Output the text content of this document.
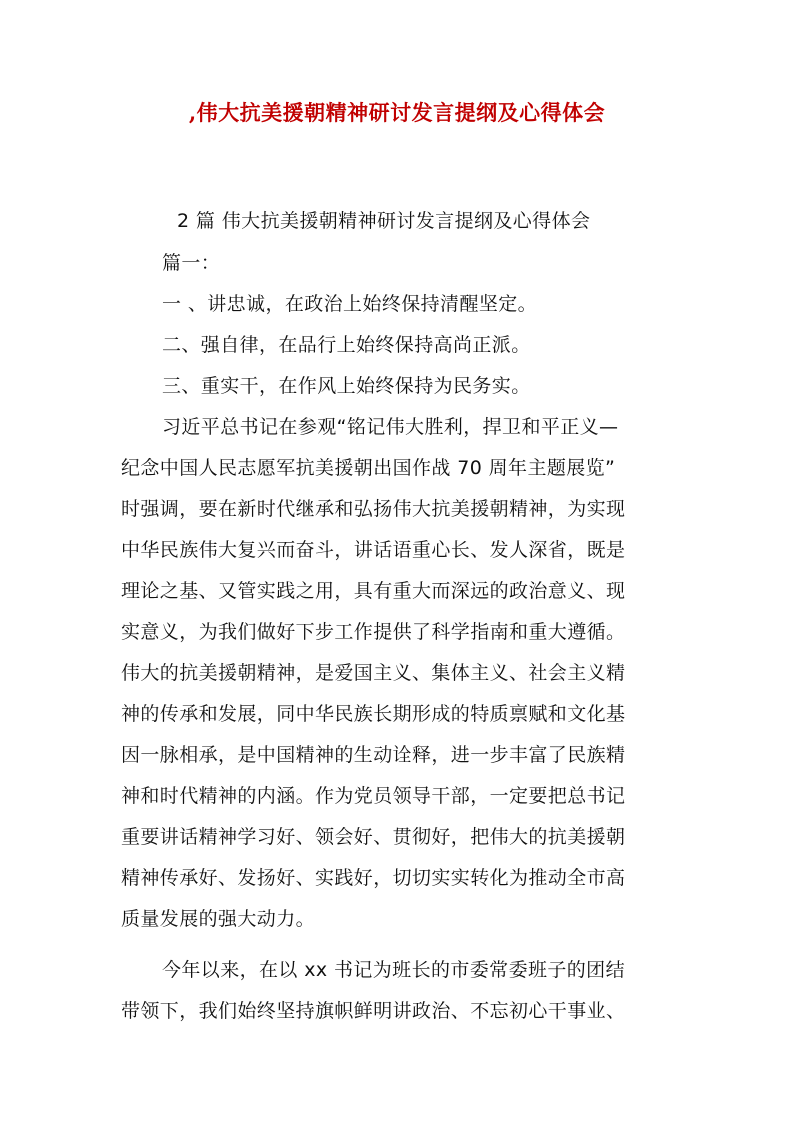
,伟大抗美援朝精神研讨发言提纲及心得体会
2 篇 伟大抗美援朝精神研讨发言提纲及心得体会
篇一：
一 、讲忠诚，在政治上始终保持清醒坚定。
二、强自律，在品行上始终保持高尚正派。
三、重实干，在作风上始终保持为民务实。
习近平总书记在参观“铭记伟大胜利，捍卫和平正义—
纪念中国人民志愿军抗美援朝出国作战 70 周年主题展览”
时强调，要在新时代继承和弘扬伟大抗美援朝精神，为实现
中华民族伟大复兴而奋斗，讲话语重心长、发人深省，既是
理论之基、又管实践之用，具有重大而深远的政治意义、现
实意义，为我们做好下步工作提供了科学指南和重大遵循。
伟大的抗美援朝精神，是爱国主义、集体主义、社会主义精
神的传承和发展，同中华民族长期形成的特质禀赋和文化基
因一脉相承，是中国精神的生动诠释，进一步丰富了民族精
神和时代精神的内涵。作为党员领导干部，一定要把总书记
重要讲话精神学习好、领会好、贯彻好，把伟大的抗美援朝
精神传承好、发扬好、实践好，切切实实转化为推动全市高
质量发展的强大动力。
今年以来，在以 xx 书记为班长的市委常委班子的团结
带领下，我们始终坚持旗帜鲜明讲政治、不忘初心干事业、
